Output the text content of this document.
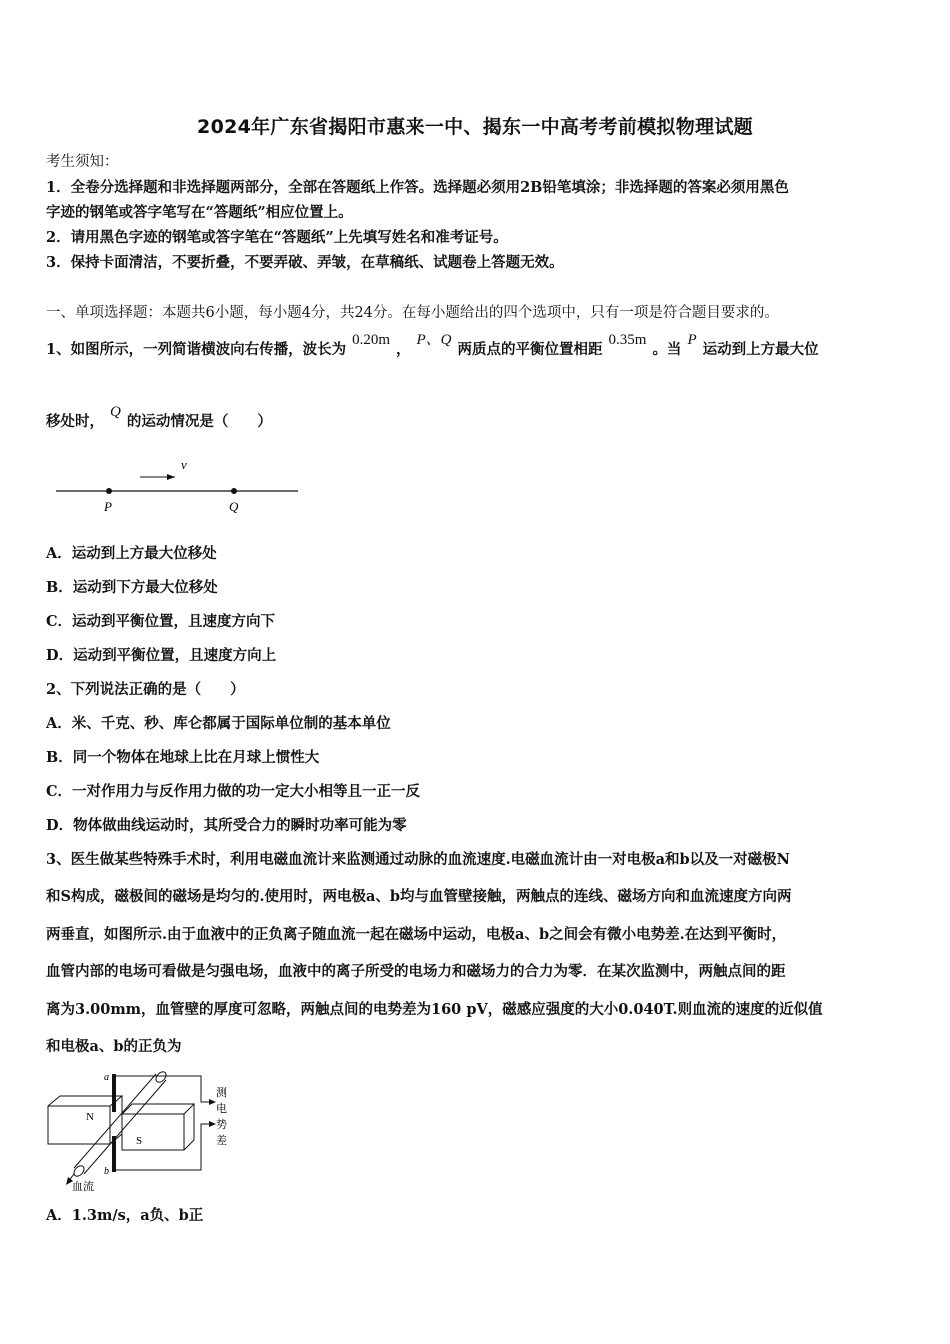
2024年广东省揭阳市惠来一中、揭东一中高考考前模拟物理试题
考生须知：
1．全卷分选择题和非选择题两部分，全部在答题纸上作答。选择题必须用2B铅笔填涂；非选择题的答案必须用黑色
字迹的钢笔或答字笔写在“答题纸”相应位置上。
2．请用黑色字迹的钢笔或答字笔在“答题纸”上先填写姓名和准考证号。
3．保持卡面清洁，不要折叠，不要弄破、弄皱，在草稿纸、试题卷上答题无效。
一、单项选择题：本题共6小题，每小题4分，共24分。在每小题给出的四个选项中，只有一项是符合题目要求的。
1、如图所示，一列简谐横波向右传播，波长为0.20m，P、Q两质点的平衡位置相距0.35m。当P运动到上方最大位
移处时，Q的运动情况是（　　）
v
P	Q
A．运动到上方最大位移处
B．运动到下方最大位移处
C．运动到平衡位置，且速度方向下
D．运动到平衡位置，且速度方向上
2、下列说法正确的是（　　）
A．米、千克、秒、库仑都属于国际单位制的基本单位
B．同一个物体在地球上比在月球上惯性大
C．一对作用力与反作用力做的功一定大小相等且一正一反
D．物体做曲线运动时，其所受合力的瞬时功率可能为零
3、医生做某些特殊手术时，利用电磁血流计来监测通过动脉的血流速度.电磁血流计由一对电极a和b以及一对磁极N
和S构成，磁极间的磁场是均匀的.使用时，两电极a、b均与血管壁接触，两触点的连线、磁场方向和血流速度方向两
两垂直，如图所示.由于血液中的正负离子随血流一起在磁场中运动，电极a、b之间会有微小电势差.在达到平衡时，
血管内部的电场可看做是匀强电场，血液中的离子所受的电场力和磁场力的合力为零．在某次监测中，两触点间的距
离为3.00mm，血管壁的厚度可忽略，两触点间的电势差为160 pV，磁感应强度的大小0.040T.则血流的速度的近似值
和电极a、b的正负为
N
S
a
b
测
电
势
差
血流
A．1.3m/s，a负、b正
